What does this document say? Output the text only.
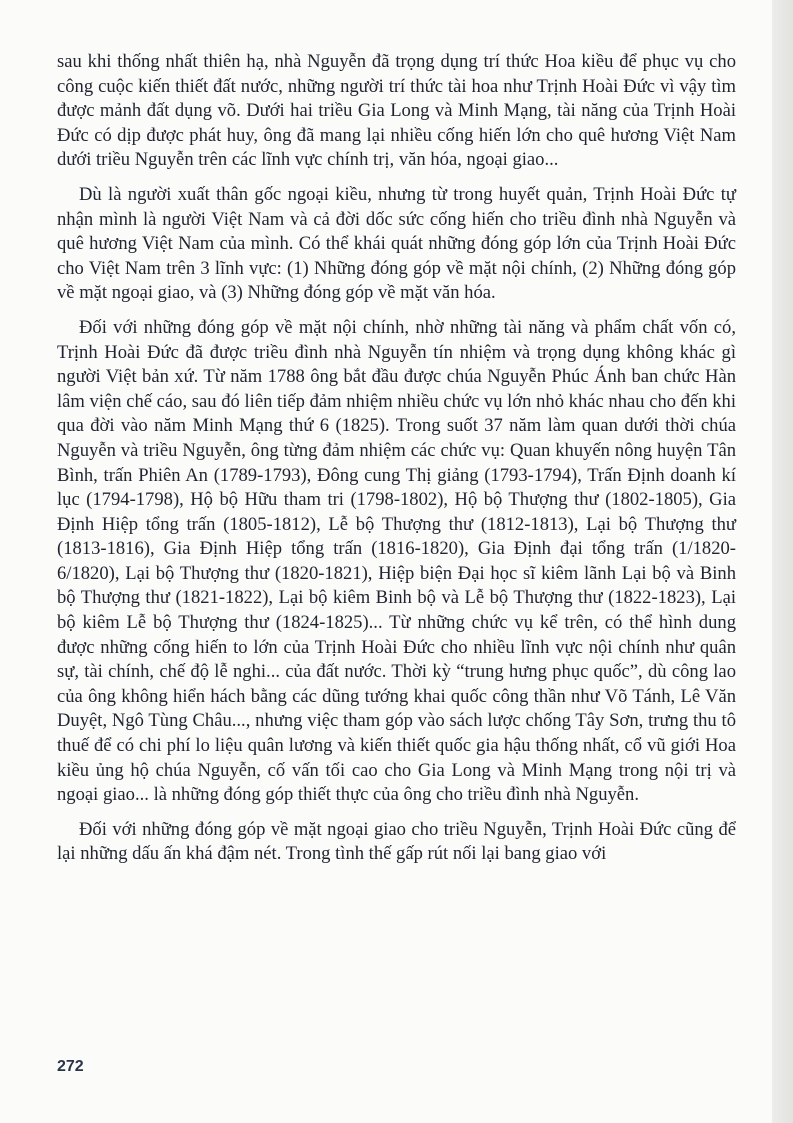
sau khi thống nhất thiên hạ, nhà Nguyễn đã trọng dụng trí thức Hoa kiều để phục vụ cho công cuộc kiến thiết đất nước, những người trí thức tài hoa như Trịnh Hoài Đức vì vậy tìm được mảnh đất dụng võ. Dưới hai triều Gia Long và Minh Mạng, tài năng của Trịnh Hoài Đức có dịp được phát huy, ông đã mang lại nhiều cống hiến lớn cho quê hương Việt Nam dưới triều Nguyễn trên các lĩnh vực chính trị, văn hóa, ngoại giao...

Dù là người xuất thân gốc ngoại kiều, nhưng từ trong huyết quản, Trịnh Hoài Đức tự nhận mình là người Việt Nam và cả đời dốc sức cống hiến cho triều đình nhà Nguyễn và quê hương Việt Nam của mình. Có thể khái quát những đóng góp lớn của Trịnh Hoài Đức cho Việt Nam trên 3 lĩnh vực: (1) Những đóng góp về mặt nội chính, (2) Những đóng góp về mặt ngoại giao, và (3) Những đóng góp về mặt văn hóa.

Đối với những đóng góp về mặt nội chính, nhờ những tài năng và phẩm chất vốn có, Trịnh Hoài Đức đã được triều đình nhà Nguyễn tín nhiệm và trọng dụng không khác gì người Việt bản xứ. Từ năm 1788 ông bắt đầu được chúa Nguyễn Phúc Ánh ban chức Hàn lâm viện chế cáo, sau đó liên tiếp đảm nhiệm nhiều chức vụ lớn nhỏ khác nhau cho đến khi qua đời vào năm Minh Mạng thứ 6 (1825). Trong suốt 37 năm làm quan dưới thời chúa Nguyễn và triều Nguyễn, ông từng đảm nhiệm các chức vụ: Quan khuyến nông huyện Tân Bình, trấn Phiên An (1789-1793), Đông cung Thị giảng (1793-1794), Trấn Định doanh kí lục (1794-1798), Hộ bộ Hữu tham tri (1798-1802), Hộ bộ Thượng thư (1802-1805), Gia Định Hiệp tổng trấn (1805-1812), Lễ bộ Thượng thư (1812-1813), Lại bộ Thượng thư (1813-1816), Gia Định Hiệp tổng trấn (1816-1820), Gia Định đại tổng trấn (1/1820-6/1820), Lại bộ Thượng thư (1820-1821), Hiệp biện Đại học sĩ kiêm lãnh Lại bộ và Binh bộ Thượng thư (1821-1822), Lại bộ kiêm Binh bộ và Lễ bộ Thượng thư (1822-1823), Lại bộ kiêm Lễ bộ Thượng thư (1824-1825)... Từ những chức vụ kể trên, có thể hình dung được những cống hiến to lớn của Trịnh Hoài Đức cho nhiều lĩnh vực nội chính như quân sự, tài chính, chế độ lễ nghi... của đất nước. Thời kỳ “trung hưng phục quốc”, dù công lao của ông không hiển hách bằng các dũng tướng khai quốc công thần như Võ Tánh, Lê Văn Duyệt, Ngô Tùng Châu..., nhưng việc tham góp vào sách lược chống Tây Sơn, trưng thu tô thuế để có chi phí lo liệu quân lương và kiến thiết quốc gia hậu thống nhất, cổ vũ giới Hoa kiều ủng hộ chúa Nguyễn, cố vấn tối cao cho Gia Long và Minh Mạng trong nội trị và ngoại giao... là những đóng góp thiết thực của ông cho triều đình nhà Nguyễn.

Đối với những đóng góp về mặt ngoại giao cho triều Nguyễn, Trịnh Hoài Đức cũng để lại những dấu ấn khá đậm nét. Trong tình thế gấp rút nối lại bang giao với

272
